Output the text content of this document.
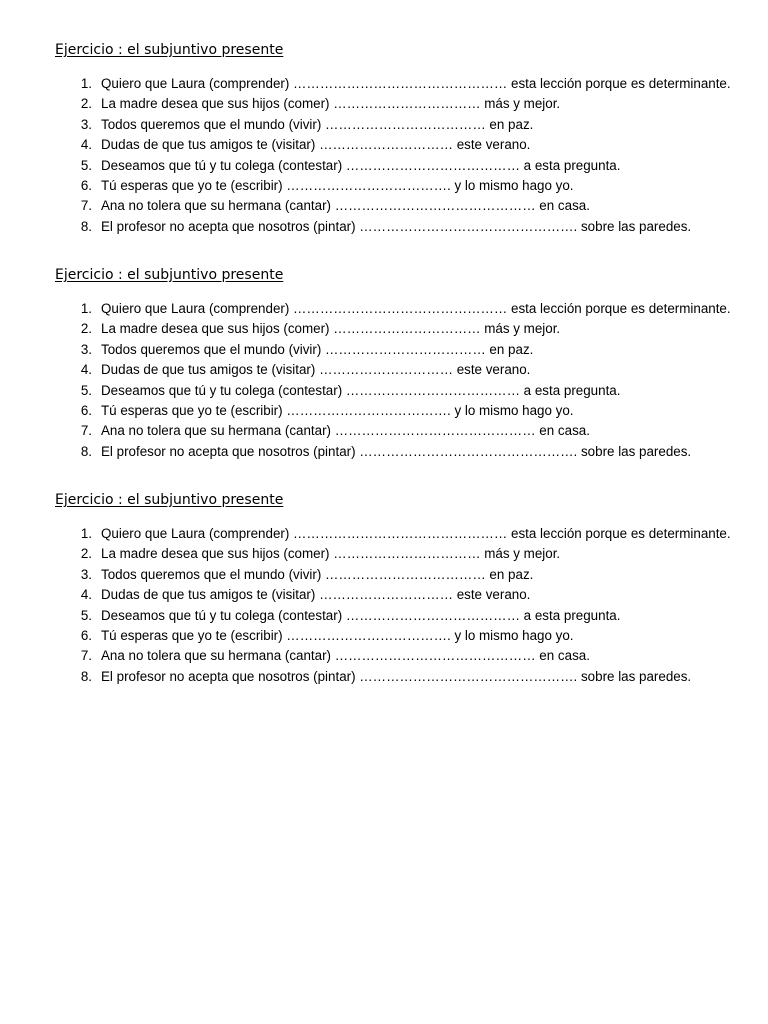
Ejercicio : el subjuntivo presente
1. Quiero que Laura (comprender) ………………………………………… esta lección porque es determinante.
2. La madre desea que sus hijos (comer) …………………………… más y mejor.
3. Todos queremos que el mundo (vivir) ……………………………… en paz.
4. Dudas de que tus amigos te (visitar) ………………………… este verano.
5. Deseamos que tú y tu colega (contestar) ………………………………… a esta pregunta.
6. Tú esperas que yo te (escribir) ………………………………. y lo mismo hago yo.
7. Ana no tolera que su hermana (cantar) ……………………………………… en casa.
8. El profesor no acepta que nosotros (pintar) …………………………………………. sobre las paredes.
Ejercicio : el subjuntivo presente
1. Quiero que Laura (comprender) ………………………………………… esta lección porque es determinante.
2. La madre desea que sus hijos (comer) …………………………… más y mejor.
3. Todos queremos que el mundo (vivir) ……………………………… en paz.
4. Dudas de que tus amigos te (visitar) ………………………… este verano.
5. Deseamos que tú y tu colega (contestar) ………………………………… a esta pregunta.
6. Tú esperas que yo te (escribir) ………………………………. y lo mismo hago yo.
7. Ana no tolera que su hermana (cantar) ……………………………………… en casa.
8. El profesor no acepta que nosotros (pintar) …………………………………………. sobre las paredes.
Ejercicio : el subjuntivo presente
1. Quiero que Laura (comprender) ………………………………………… esta lección porque es determinante.
2. La madre desea que sus hijos (comer) …………………………… más y mejor.
3. Todos queremos que el mundo (vivir) ……………………………… en paz.
4. Dudas de que tus amigos te (visitar) ………………………… este verano.
5. Deseamos que tú y tu colega (contestar) ………………………………… a esta pregunta.
6. Tú esperas que yo te (escribir) ………………………………. y lo mismo hago yo.
7. Ana no tolera que su hermana (cantar) ……………………………………… en casa.
8. El profesor no acepta que nosotros (pintar) …………………………………………. sobre las paredes.
